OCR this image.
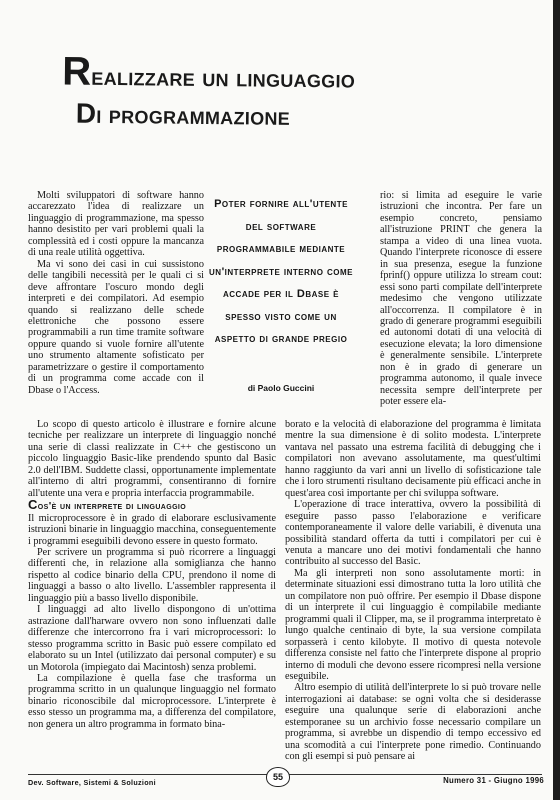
Realizzare un linguaggio
di programmazione

Molti sviluppatori di software hanno accarezzato l'idea di realizzare un linguaggio di programmazione, ma spesso hanno desistito per vari problemi quali la complessità ed i costi oppure la mancanza di una reale utilità oggettiva.

Ma vi sono dei casi in cui sussistono delle tangibili necessità per le quali ci si deve affrontare l'oscuro mondo degli interpreti e dei compilatori. Ad esempio quando si realizzano delle schede elettroniche che possono essere programmabili a run time tramite software oppure quando si vuole fornire all'utente uno strumento altamente sofisticato per parametrizzare o gestire il comportamento di un programma come accade con il Dbase o l'Access.

Poter fornire all'utente
del software
programmabile mediante
un'interprete interno come
accade per il Dbase è
spesso visto come un
aspetto di grande pregio
di Paolo Guccini

rio: si limita ad eseguire le varie istruzioni che incontra. Per fare un esempio concreto, pensiamo all'istruzione PRINT che genera la stampa a video di una linea vuota. Quando l'interprete riconosce di essere in sua presenza, esegue la funzione fprinf() oppure utilizza lo stream cout: essi sono parti compilate dell'interprete medesimo che vengono utilizzate all'occorrenza. Il compilatore è in grado di generare programmi eseguibili ed autonomi dotati di una velocità di esecuzione elevata; la loro dimensione è generalmente sensibile. L'interprete non è in grado di generare un programma autonomo, il quale invece necessita sempre dell'interprete per poter essere ela-

Lo scopo di questo articolo è illustrare e fornire alcune tecniche per realizzare un interprete di linguaggio nonché una serie di classi realizzate in C++ che gestiscono un piccolo linguaggio Basic-like prendendo spunto dal Basic 2.0 dell'IBM. Suddette classi, opportunamente implementate all'interno di altri programmi, consentiranno di fornire all'utente una vera e propria interfaccia programmabile.

Cos'è un interprete di linguaggio

Il microprocessore è in grado di elaborare esclusivamente istruzioni binarie in linguaggio macchina, conseguentemente i programmi eseguibili devono essere in questo formato.

Per scrivere un programma si può ricorrere a linguaggi differenti che, in relazione alla somiglianza che hanno rispetto al codice binario della CPU, prendono il nome di linguaggi a basso o alto livello. L'assembler rappresenta il linguaggio più a basso livello disponibile.

I linguaggi ad alto livello dispongono di un'ottima astrazione dall'harware ovvero non sono influenzati dalle differenze che intercorrono fra i vari microprocessori: lo stesso programma scritto in Basic può essere compilato ed elaborato su un Intel (utilizzato dai personal computer) e su un Motorola (impiegato dai Macintosh) senza problemi.

La compilazione è quella fase che trasforma un programma scritto in un qualunque linguaggio nel formato binario riconoscibile dal microprocessore. L'interprete è esso stesso un programma ma, a differenza del compilatore, non genera un altro programma in formato bina-

borato e la velocità di elaborazione del programma è limitata mentre la sua dimensione è di solito modesta. L'interprete vantava nel passato una estrema facilità di debugging che i compilatori non avevano assolutamente, ma quest'ultimi hanno raggiunto da vari anni un livello di sofisticazione tale che i loro strumenti risultano decisamente più efficaci anche in quest'area così importante per chi sviluppa software.

L'operazione di trace interattiva, ovvero la possibilità di eseguire passo passo l'elaborazione e verificare contemporaneamente il valore delle variabili, è divenuta una possibilità standard offerta da tutti i compilatori per cui è venuta a mancare uno dei motivi fondamentali che hanno contribuito al successo del Basic.

Ma gli interpreti non sono assolutamente morti: in determinate situazioni essi dimostrano tutta la loro utilità che un compilatore non può offrire. Per esempio il Dbase dispone di un interprete il cui linguaggio è compilabile mediante programmi quali il Clipper, ma, se il programma interpretato è lungo qualche centinaio di byte, la sua versione compilata sorpasserà i cento kilobyte. Il motivo di questa notevole differenza consiste nel fatto che l'interprete dispone al proprio interno di moduli che devono essere ricompresi nella versione eseguibile.

Altro esempio di utilità dell'interprete lo si può trovare nelle interrogazioni ai database: se ogni volta che si desiderasse eseguire una qualunque serie di elaborazioni anche estemporanee su un archivio fosse necessario compilare un programma, si avrebbe un dispendio di tempo eccessivo ed una scomodità a cui l'interprete pone rimedio. Continuando con gli esempi si può pensare ai

Dev. Software, Sistemi & Soluzioni
55	Numero 31 - Giugno 1996
